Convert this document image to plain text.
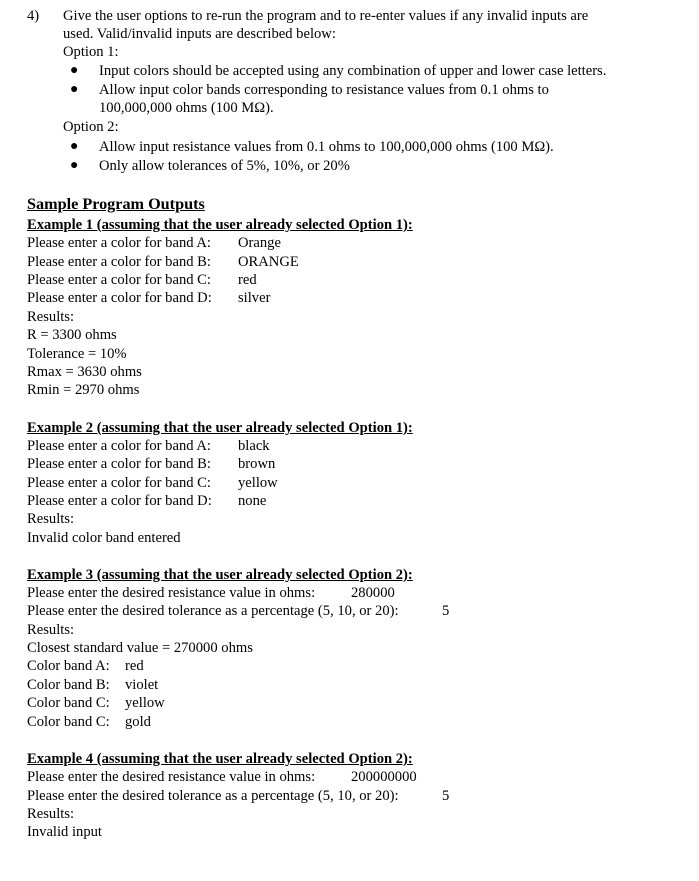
4) Give the user options to re-run the program and to re-enter values if any invalid inputs are
used. Valid/invalid inputs are described below:
Option 1:
● Input colors should be accepted using any combination of upper and lower case letters.
● Allow input color bands corresponding to resistance values from 0.1 ohms to
100,000,000 ohms (100 MΩ).
Option 2:
● Allow input resistance values from 0.1 ohms to 100,000,000 ohms (100 MΩ).
● Only allow tolerances of 5%, 10%, or 20%
Sample Program Outputs
Example 1 (assuming that the user already selected Option 1):
Please enter a color for band A: Orange
Please enter a color for band B: ORANGE
Please enter a color for band C: red
Please enter a color for band D: silver
Results:
R = 3300 ohms
Tolerance = 10%
Rmax = 3630 ohms
Rmin = 2970 ohms
Example 2 (assuming that the user already selected Option 1):
Please enter a color for band A: black
Please enter a color for band B: brown
Please enter a color for band C: yellow
Please enter a color for band D: none
Results:
Invalid color band entered
Example 3 (assuming that the user already selected Option 2):
Please enter the desired resistance value in ohms: 280000
Please enter the desired tolerance as a percentage (5, 10, or 20):	5
Results:
Closest standard value = 270000 ohms
Color band A: red
Color band B: violet
Color band C: yellow
Color band C: gold
Example 4 (assuming that the user already selected Option 2):
Please enter the desired resistance value in ohms: 200000000
Please enter the desired tolerance as a percentage (5, 10, or 20):	5
Results:
Invalid input
